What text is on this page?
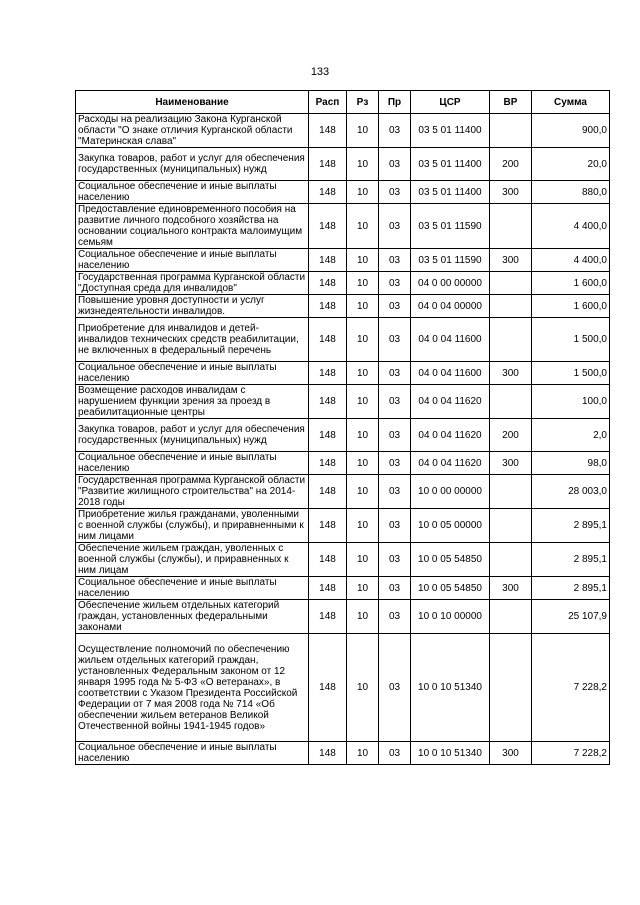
133
Наименование	Расп	Рз	Пр	ЦСР	ВР	Сумма
Расходы на реализацию Закона Курганской области "О знаке отличия Курганской области "Материнская слава"	148	10	03	03 5 01 11400		900,0
Закупка товаров, работ и услуг для обеспечения государственных (муниципальных) нужд	148	10	03	03 5 01 11400	200	20,0
Социальное обеспечение и иные выплаты населению	148	10	03	03 5 01 11400	300	880,0
Предоставление единовременного пособия на развитие личного подсобного хозяйства на основании социального контракта малоимущим семьям	148	10	03	03 5 01 11590		4 400,0
Социальное обеспечение и иные выплаты населению	148	10	03	03 5 01 11590	300	4 400,0
Государственная программа Курганской области "Доступная среда для инвалидов"	148	10	03	04 0 00 00000		1 600,0
Повышение уровня доступности и услуг жизнедеятельности инвалидов.	148	10	03	04 0 04 00000		1 600,0
Приобретение для инвалидов и детей-инвалидов технических средств реабилитации, не включенных в федеральный перечень	148	10	03	04 0 04 11600		1 500,0
Социальное обеспечение и иные выплаты населению	148	10	03	04 0 04 11600	300	1 500,0
Возмещение расходов инвалидам с нарушением функции зрения за проезд в реабилитационные центры	148	10	03	04 0 04 11620		100,0
Закупка товаров, работ и услуг для обеспечения государственных (муниципальных) нужд	148	10	03	04 0 04 11620	200	2,0
Социальное обеспечение и иные выплаты населению	148	10	03	04 0 04 11620	300	98,0
Государственная программа Курганской области "Развитие жилищного строительства" на 2014-2018 годы	148	10	03	10 0 00 00000		28 003,0
Приобретение жилья гражданами, уволенными с военной службы (службы), и приравненными к ним лицами	148	10	03	10 0 05 00000		2 895,1
Обеспечение жильем граждан, уволенных с военной службы (службы), и приравненных к ним лицам	148	10	03	10 0 05 54850		2 895,1
Социальное обеспечение и иные выплаты населению	148	10	03	10 0 05 54850	300	2 895,1
Обеспечение жильем отдельных категорий граждан, установленных федеральными законами	148	10	03	10 0 10 00000		25 107,9
Осуществление полномочий по обеспечению жильем отдельных категорий граждан, установленных Федеральным законом от 12 января 1995 года № 5-ФЗ «О ветеранах», в соответствии с Указом Президента Российской Федерации от 7 мая 2008 года № 714 «Об обеспечении жильем ветеранов Великой Отечественной войны 1941-1945 годов»	148	10	03	10 0 10 51340		7 228,2
Социальное обеспечение и иные выплаты населению	148	10	03	10 0 10 51340	300	7 228,2
